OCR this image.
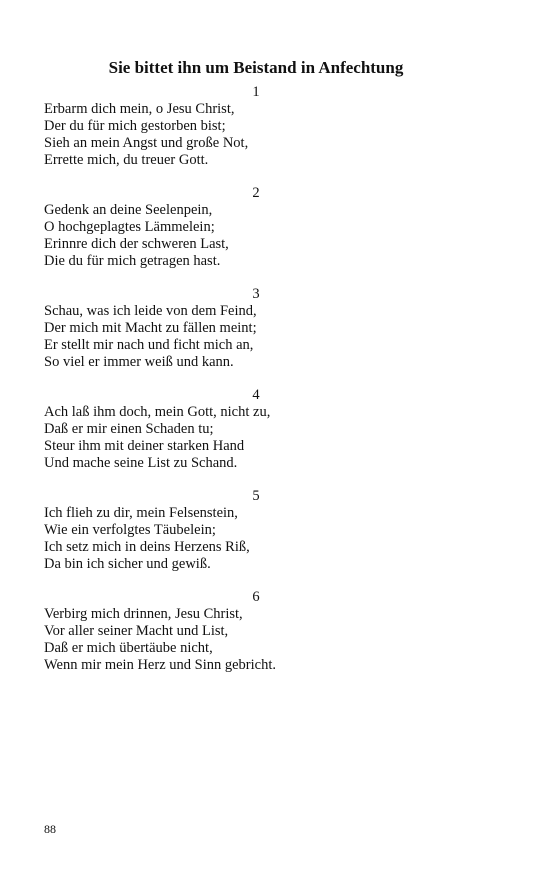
Sie bittet ihn um Beistand in Anfechtung
1
Erbarm dich mein, o Jesu Christ,
Der du für mich gestorben bist;
Sieh an mein Angst und große Not,
Errette mich, du treuer Gott.
2
Gedenk an deine Seelenpein,
O hochgeplagtes Lämmelein;
Erinnre dich der schweren Last,
Die du für mich getragen hast.
3
Schau, was ich leide von dem Feind,
Der mich mit Macht zu fällen meint;
Er stellt mir nach und ficht mich an,
So viel er immer weiß und kann.
4
Ach laß ihm doch, mein Gott, nicht zu,
Daß er mir einen Schaden tu;
Steur ihm mit deiner starken Hand
Und mache seine List zu Schand.
5
Ich flieh zu dir, mein Felsenstein,
Wie ein verfolgtes Täubelein;
Ich setz mich in deins Herzens Riß,
Da bin ich sicher und gewiß.
6
Verbirg mich drinnen, Jesu Christ,
Vor aller seiner Macht und List,
Daß er mich übertäube nicht,
Wenn mir mein Herz und Sinn gebricht.
88
